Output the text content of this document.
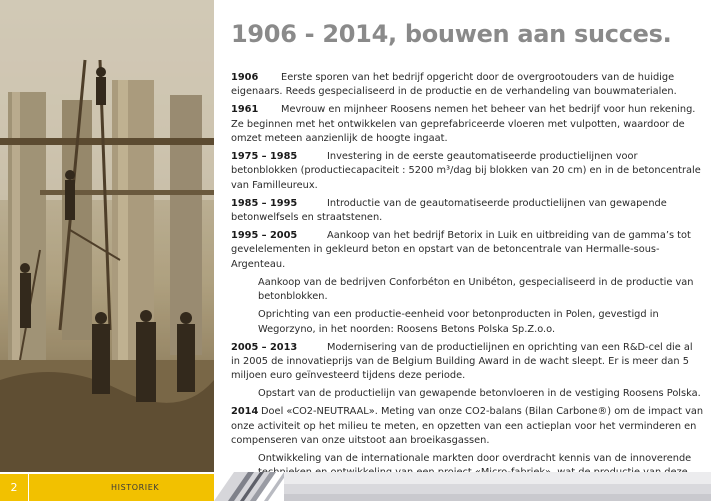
1906 - 2014, bouwen aan succes.
1906	Eerste sporen van het bedrijf opgericht door de overgrootouders van de huidige eigenaars. Reeds gespecialiseerd in de productie en de verhandeling van bouwmaterialen.
1961	Mevrouw en mijnheer Roosens nemen het beheer van het bedrijf voor hun rekening. Ze beginnen met het ontwikkelen van geprefabriceerde vloeren met vulpotten, waardoor de omzet meteen aanzienlijk de hoogte ingaat.
1975 – 1985	Investering in de eerste geautomatiseerde productielijnen voor betonblokken (productiecapaciteit : 5200 m³/dag bij blokken van 20 cm) en in de betoncentrale van Familleureux.
1985 – 1995	Introductie van de geautomatiseerde productielijnen van gewapende betonwelfsels en straatstenen.
1995 – 2005	Aankoop van het bedrijf Betorix in Luik en uitbreiding van de gamma’s tot gevelelementen in gekleurd beton en opstart van de betoncentrale van Hermalle-sous-Argenteau.
Aankoop van de bedrijven Conforbéton en Unibéton, gespecialiseerd in de productie van betonblokken.
Oprichting van een productie-eenheid voor betonproducten in Polen, gevestigd in Wegorzyno, in het noorden: Roosens Betons Polska Sp.Z.o.o.
2005 – 2013	Modernisering van de productielijnen en oprichting van een R&D-cel die al in 2005 de innovatieprijs van de Belgium Building Award in de wacht sleept. Er is meer dan 5 miljoen euro geïnvesteerd tijdens deze periode.
Opstart van de productielijn van gewapende betonvloeren in de vestiging Roosens Polska.
2014 Doel «CO2-NEUTRAAL». Meting van onze CO2-balans (Bilan Carbone®) om de impact van onze activiteit op het milieu te meten, en opzetten van een actieplan voor het verminderen en compenseren van onze uitstoot aan broeikasgassen.
Ontwikkeling van de internationale markten door overdracht kennis van de innoverende
2	HISTORIEK
